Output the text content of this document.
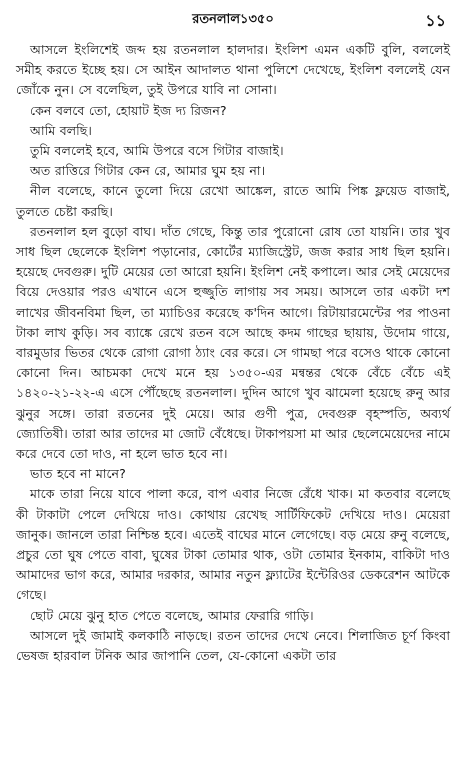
রতনলাল১৩৫০	১১

আসলে ইংলিশেই জব্দ হয় রতনলাল হালদার। ইংলিশ এমন একটি বুলি, বললেই সমীহ করতে ইচ্ছে হয়। সে আইন আদালত থানা পুলিশে দেখেছে, ইংলিশ বললেই যেন জোঁকে নুন। সে বলেছিল, তুই উপরে যাবি না সোনা।

কেন বলবে তো, হোয়াট ইজ দ্য রিজন?

আমি বলছি।

তুমি বললেই হবে, আমি উপরে বসে গিটার বাজাই।

অত রাত্তিরে গিটার কেন রে, আমার ঘুম হয় না।

নীল বলেছে, কানে তুলো দিয়ে রেখো আঙ্কেল, রাতে আমি পিঙ্ক ফ্লয়েড বাজাই, তুলতে চেষ্টা করছি।

রতনলাল হল বুড়ো বাঘ। দাঁত গেছে, কিন্তু তার পুরোনো রোষ তো যায়নি। তার খুব সাধ ছিল ছেলেকে ইংলিশ পড়ানোর, কোর্টের ম্যাজিস্ট্রেট, জজ করার সাধ ছিল হয়নি। হয়েছে দেবগুরু। দুটি মেয়ের তো আরো হয়নি। ইংলিশ নেই কপালে। আর সেই মেয়েদের বিয়ে দেওয়ার পরও এখানে এসে হুজ্জুতি লাগায় সব সময়। আসলে তার একটা দশ লাখের জীবনবিমা ছিল, তা ম্যাচিওর করেছে ক'দিন আগে। রিটায়ারমেন্টের পর পাওনা টাকা লাখ কুড়ি। সব ব্যাঙ্কে রেখে রতন বসে আছে কদম গাছের ছায়ায়, উদোম গায়ে, বারমুডার ভিতর থেকে রোগা রোগা ঠ্যাং বের করে। সে গামছা পরে বসেও থাকে কোনো কোনো দিন। আচমকা দেখে মনে হয় ১৩৫০-এর মন্বন্তর থেকে বেঁচে বেঁচে এই ১৪২০-২১-২২-এ এসে পৌঁছেছে রতনলাল। দুদিন আগে খুব ঝামেলা হয়েছে রুনু আর ঝুনুর সঙ্গে। তারা রতনের দুই মেয়ে। আর গুণী পুত্র, দেবগুরু বৃহস্পতি, অব্যর্থ জ্যোতিষী। তারা আর তাদের মা জোট বেঁধেছে। টাকাপয়সা মা আর ছেলেমেয়েদের নামে করে দেবে তো দাও, না হলে ভাত হবে না।

ভাত হবে না মানে?

মাকে তারা নিয়ে যাবে পালা করে, বাপ এবার নিজে রেঁধে খাক। মা কতবার বলেছে কী টাকাটা পেলে দেখিয়ে দাও। কোথায় রেখেছ সার্টিফিকেট দেখিয়ে দাও। মেয়েরা জানুক। জানলে তারা নিশ্চিন্ত হবে। এতেই বাঘের মানে লেগেছে। বড় মেয়ে রুনু বলেছে, প্রচুর তো ঘুষ পেতে বাবা, ঘুষের টাকা তোমার থাক, ওটা তোমার ইনকাম, বাকিটা দাও আমাদের ভাগ করে, আমার দরকার, আমার নতুন ফ্ল্যাটের ইন্টেরিওর ডেকরেশন আটকে গেছে।

ছোট মেয়ে ঝুনু হাত পেতে বলেছে, আমার ফেরারি গাড়ি।

আসলে দুই জামাই কলকাঠি নাড়ছে। রতন তাদের দেখে নেবে। শিলাজিত চূর্ণ কিংবা ভেষজ হারবাল টনিক আর জাপানি তেল, যে-কোনো একটা তার
